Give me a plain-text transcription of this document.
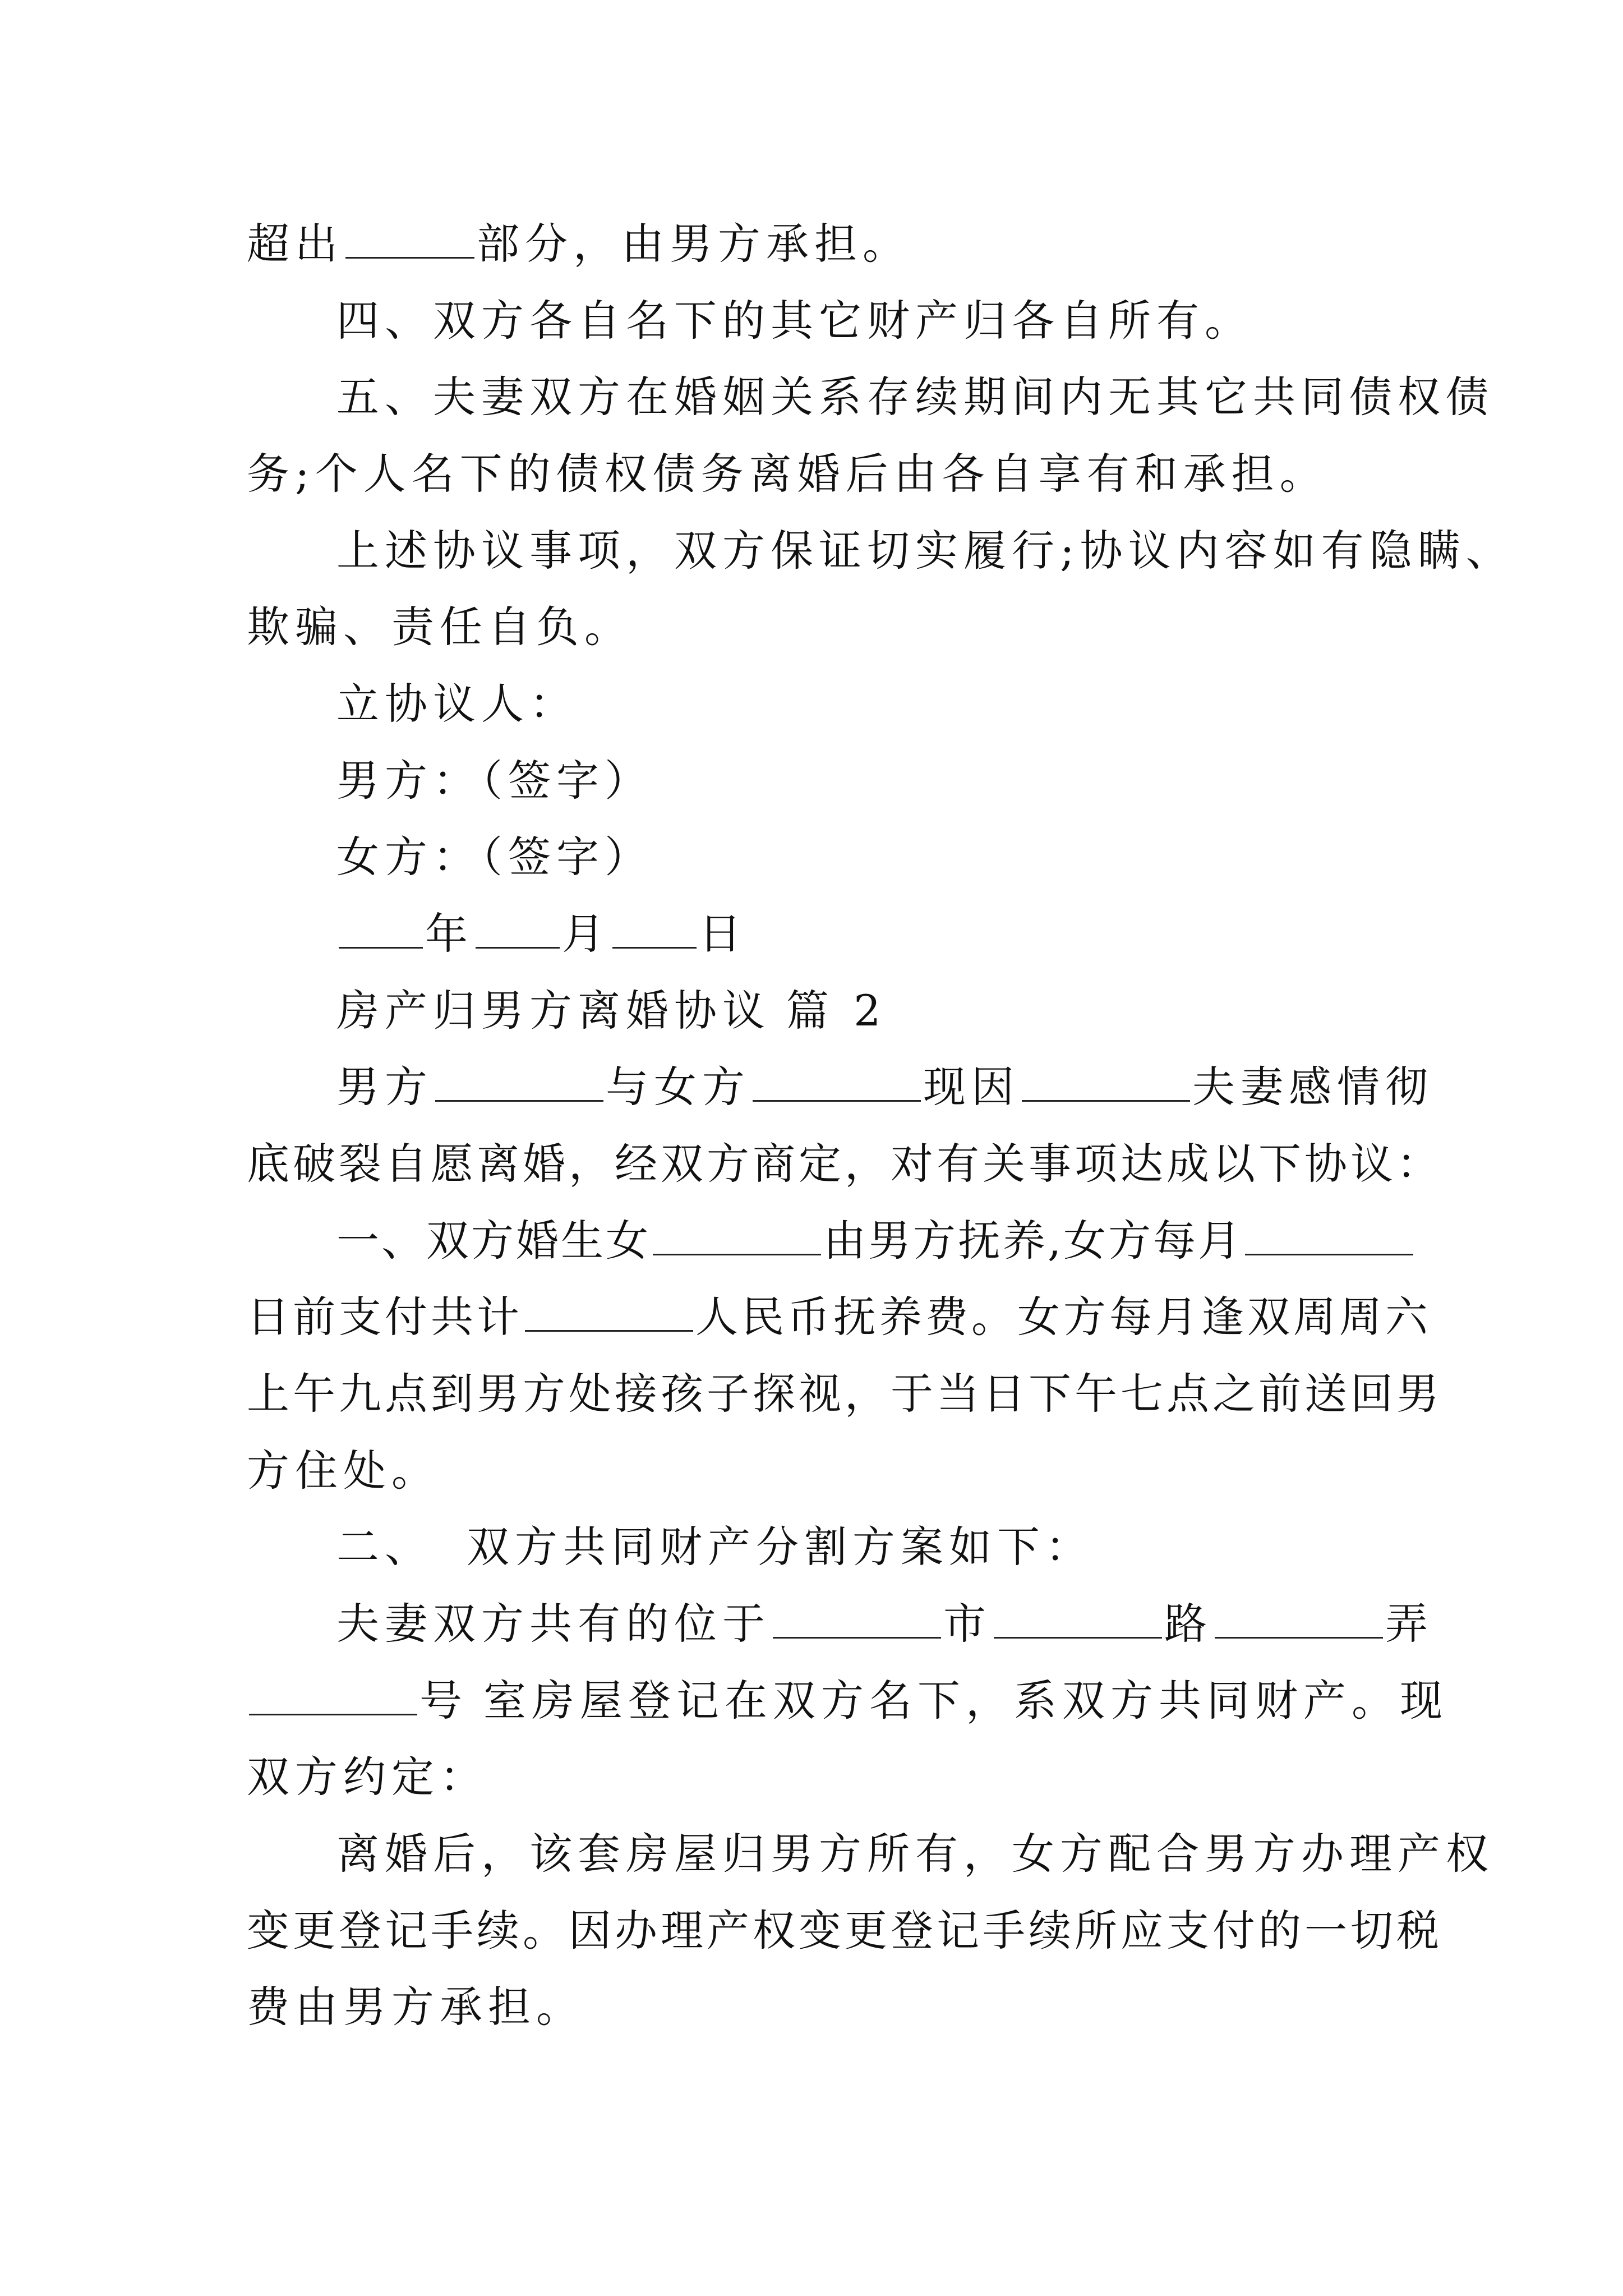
超出	部分，由男方承担。
四、双方各自名下的其它财产归各自所有。
五、夫妻双方在婚姻关系存续期间内无其它共同债权债
务;个人名下的债权债务离婚后由各自享有和承担。
上述协议事项，双方保证切实履行;协议内容如有隐瞒、
欺骗、责任自负。
立协议人：
男方：（签字）
女方：（签字）
年 月 日
房产归男方离婚协议 篇 2
男方	与女方	现因	夫妻感情彻
底破裂自愿离婚，经双方商定，对有关事项达成以下协议：
一、双方婚生女	由男方抚养,女方每月
日前支付共计	人民币抚养费。女方每月逢双周周六
上午九点到男方处接孩子探视，于当日下午七点之前送回男
方住处。
二、 双方共同财产分割方案如下：
夫妻双方共有的位于	市	路	弄
号 室房屋登记在双方名下，系双方共同财产。现
双方约定：
离婚后，该套房屋归男方所有，女方配合男方办理产权
变更登记手续。因办理产权变更登记手续所应支付的一切税
费由男方承担。
